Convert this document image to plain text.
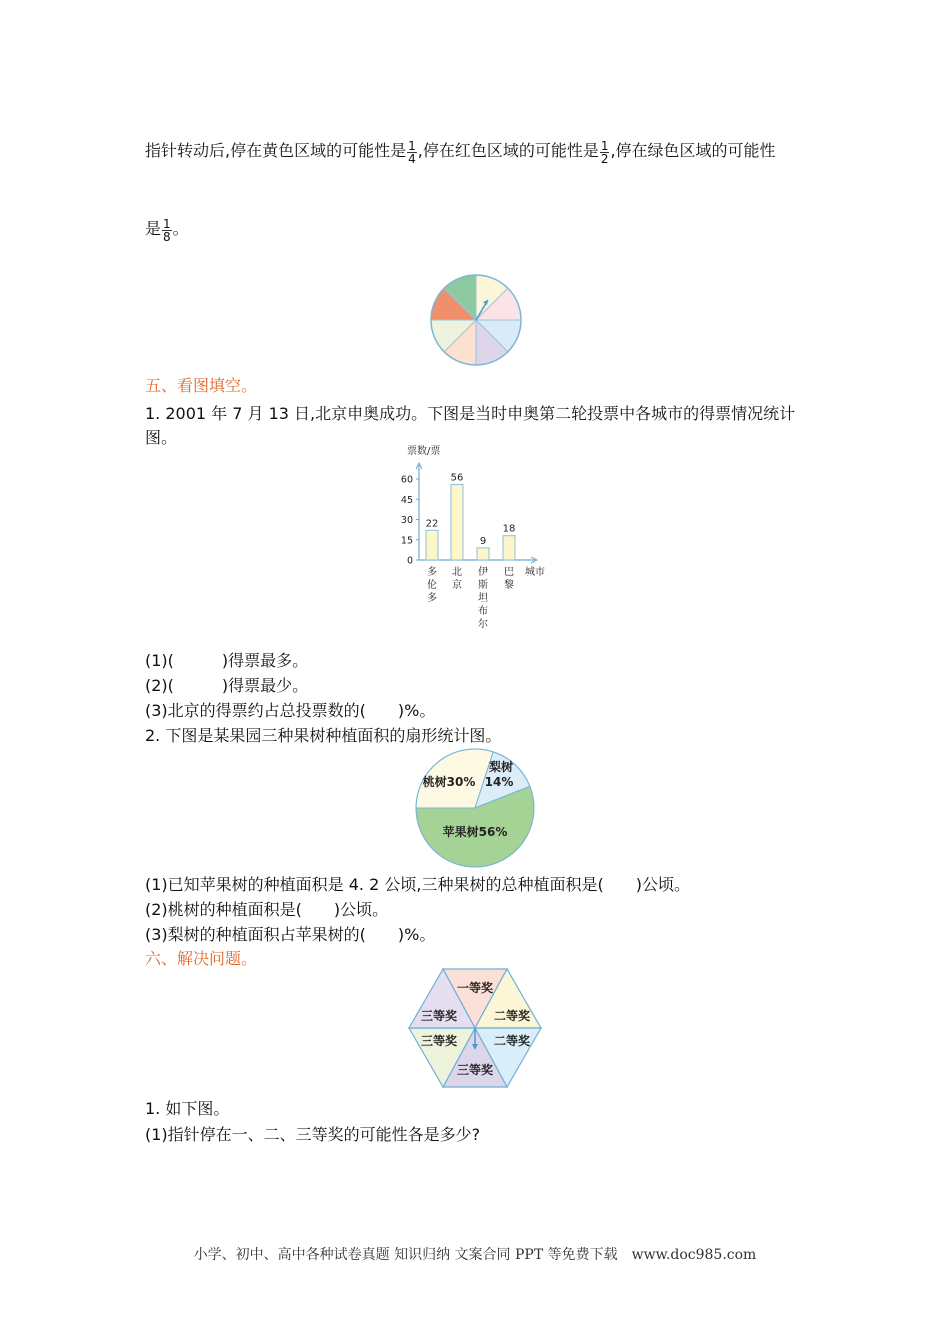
指针转动后,停在黄色区域的可能性是 $\frac{1}{4}$ ,停在红色区域的可能性是 $\frac{1}{2}$ ,停在绿色区域的可能性
是 $\frac{1}{8}$ 。
五、看图填空。
1. 2001 年 7 月 13 日,北京申奥成功。下图是当时申奥第二轮投票中各城市的得票情况统计
图。
票数/票
城市
0
15
30
45
60
22
多
伦
多
56
北
京
9
伊
斯
坦
布
尔
18
巴
黎
(1)(　　　)得票最多。
(2)(　　　)得票最少。
(3)北京的得票约占总投票数的(　　)%。
2. 下图是某果园三种果树种植面积的扇形统计图。
桃树30%
梨树
14%
苹果树56%
(1)已知苹果树的种植面积是 4. 2 公顷,三种果树的总种植面积是(　　)公顷。
(2)桃树的种植面积是(　　)公顷。
(3)梨树的种植面积占苹果树的(　　)%。
六、解决问题。
一等奖
二等奖
二等奖
三等奖
三等奖
三等奖
1. 如下图。
(1)指针停在一、二、三等奖的可能性各是多少?
小学、初中、高中各种试卷真题 知识归纳 文案合同 PPT 等免费下载　www.doc985.com
